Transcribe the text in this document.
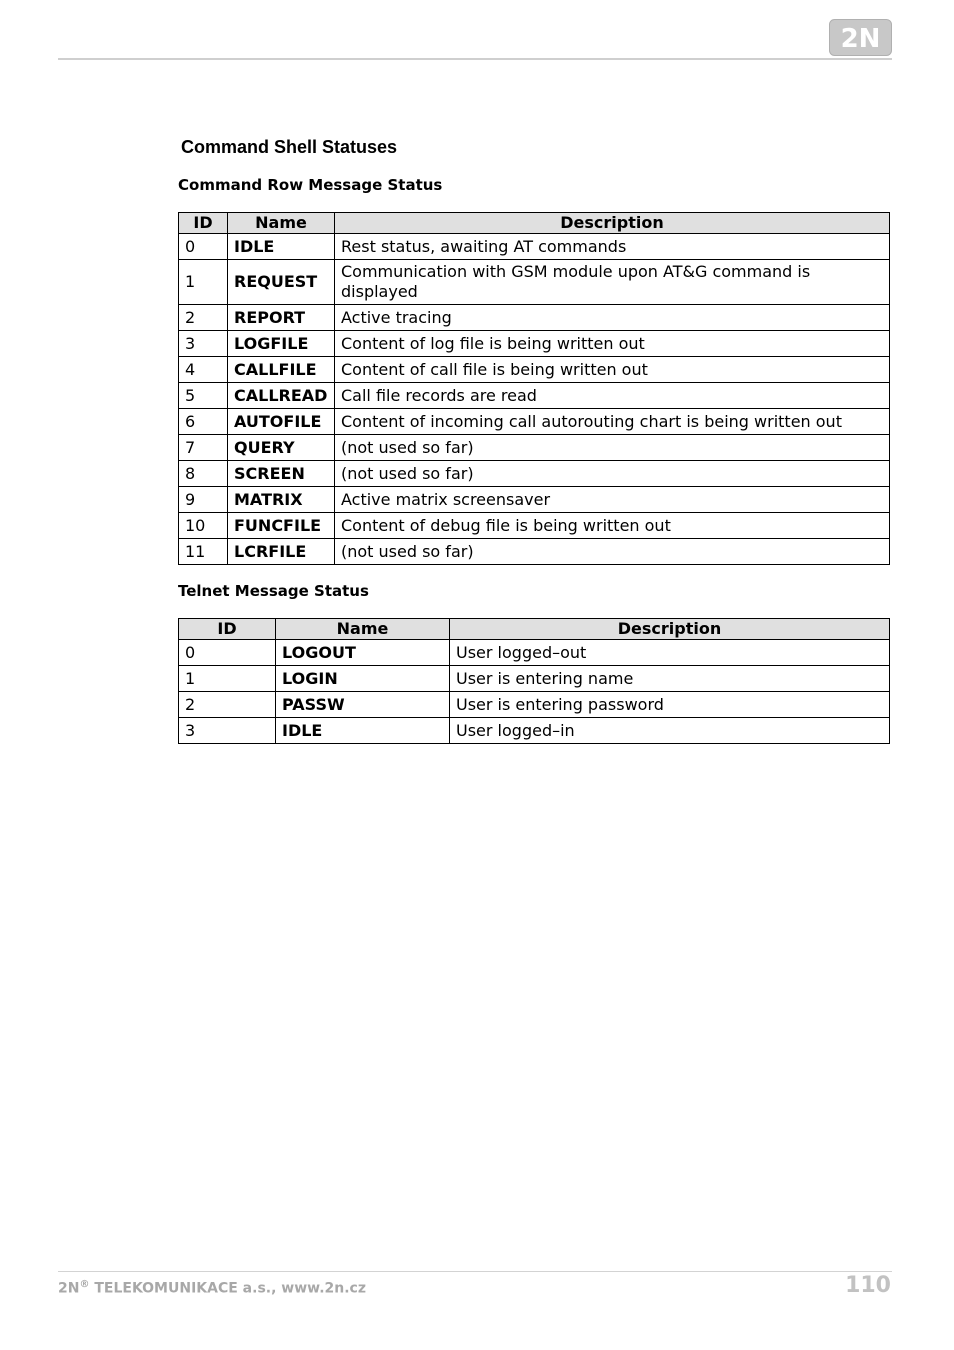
2N
Command Shell Statuses
Command Row Message Status
ID	Name	Description
0	IDLE	Rest status, awaiting AT commands
1	REQUEST	Communication with GSM module upon AT&G command is displayed
2	REPORT	Active tracing
3	LOGFILE	Content of log file is being written out
4	CALLFILE	Content of call file is being written out
5	CALLREAD	Call file records are read
6	AUTOFILE	Content of incoming call autorouting chart is being written out
7	QUERY	(not used so far)
8	SCREEN	(not used so far)
9	MATRIX	Active matrix screensaver
10	FUNCFILE	Content of debug file is being written out
11	LCRFILE	(not used so far)
Telnet Message Status
ID	Name	Description
0	LOGOUT	User logged–out
1	LOGIN	User is entering name
2	PASSW	User is entering password
3	IDLE	User logged–in

2N® TELEKOMUNIKACE a.s., www.2n.cz	110
